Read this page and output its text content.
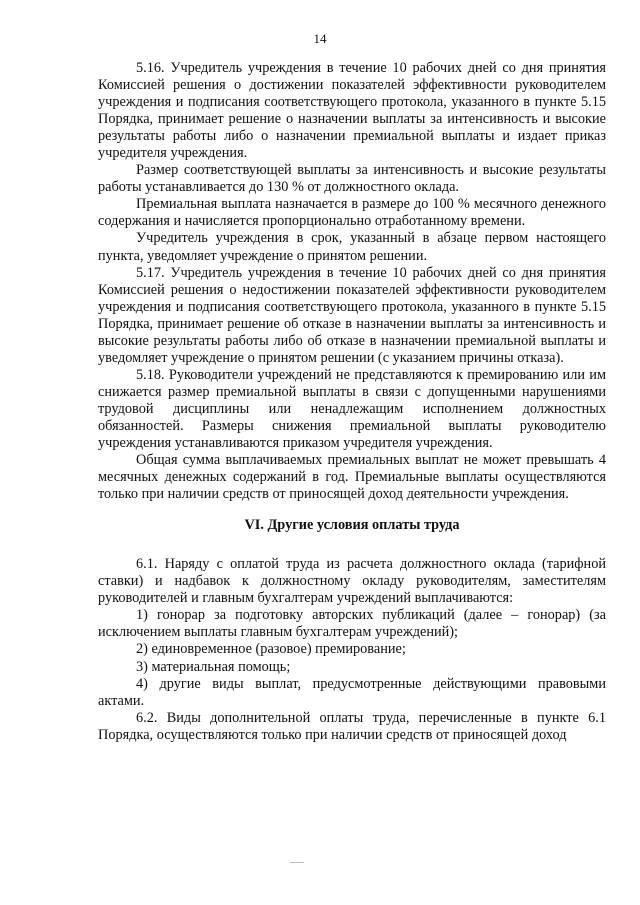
14

5.16. Учредитель учреждения в течение 10 рабочих дней со дня принятия Комиссией решения о достижении показателей эффективности руководителем учреждения и подписания соответствующего протокола, указанного в пункте 5.15 Порядка, принимает решение о назначении выплаты за интенсивность и высокие результаты работы либо о назначении премиальной выплаты и издает приказ учредителя учреждения.

Размер соответствующей выплаты за интенсивность и высокие результаты работы устанавливается до 130 % от должностного оклада.

Премиальная выплата назначается в размере до 100 % месячного денежного содержания и начисляется пропорционально отработанному времени.

Учредитель учреждения в срок, указанный в абзаце первом настоящего пункта, уведомляет учреждение о принятом решении.

5.17. Учредитель учреждения в течение 10 рабочих дней со дня принятия Комиссией решения о недостижении показателей эффективности руководителем учреждения и подписания соответствующего протокола, указанного в пункте 5.15 Порядка, принимает решение об отказе в назначении выплаты за интенсивность и высокие результаты работы либо об отказе в назначении премиальной выплаты и уведомляет учреждение о принятом решении (с указанием причины отказа).

5.18. Руководители учреждений не представляются к премированию или им снижается размер премиальной выплаты в связи с допущенными нарушениями трудовой дисциплины или ненадлежащим исполнением должностных обязанностей. Размеры снижения премиальной выплаты руководителю учреждения устанавливаются приказом учредителя учреждения.

Общая сумма выплачиваемых премиальных выплат не может превышать 4 месячных денежных содержаний в год. Премиальные выплаты осуществляются только при наличии средств от приносящей доход деятельности учреждения.

VI. Другие условия оплаты труда

6.1. Наряду с оплатой труда из расчета должностного оклада (тарифной ставки) и надбавок к должностному окладу руководителям, заместителям руководителей и главным бухгалтерам учреждений выплачиваются:

1) гонорар за подготовку авторских публикаций (далее – гонорар) (за исключением выплаты главным бухгалтерам учреждений);

2) единовременное (разовое) премирование;

3) материальная помощь;

4) другие виды выплат, предусмотренные действующими правовыми актами.

6.2. Виды дополнительной оплаты труда, перечисленные в пункте 6.1 Порядка, осуществляются только при наличии средств от приносящей доход
